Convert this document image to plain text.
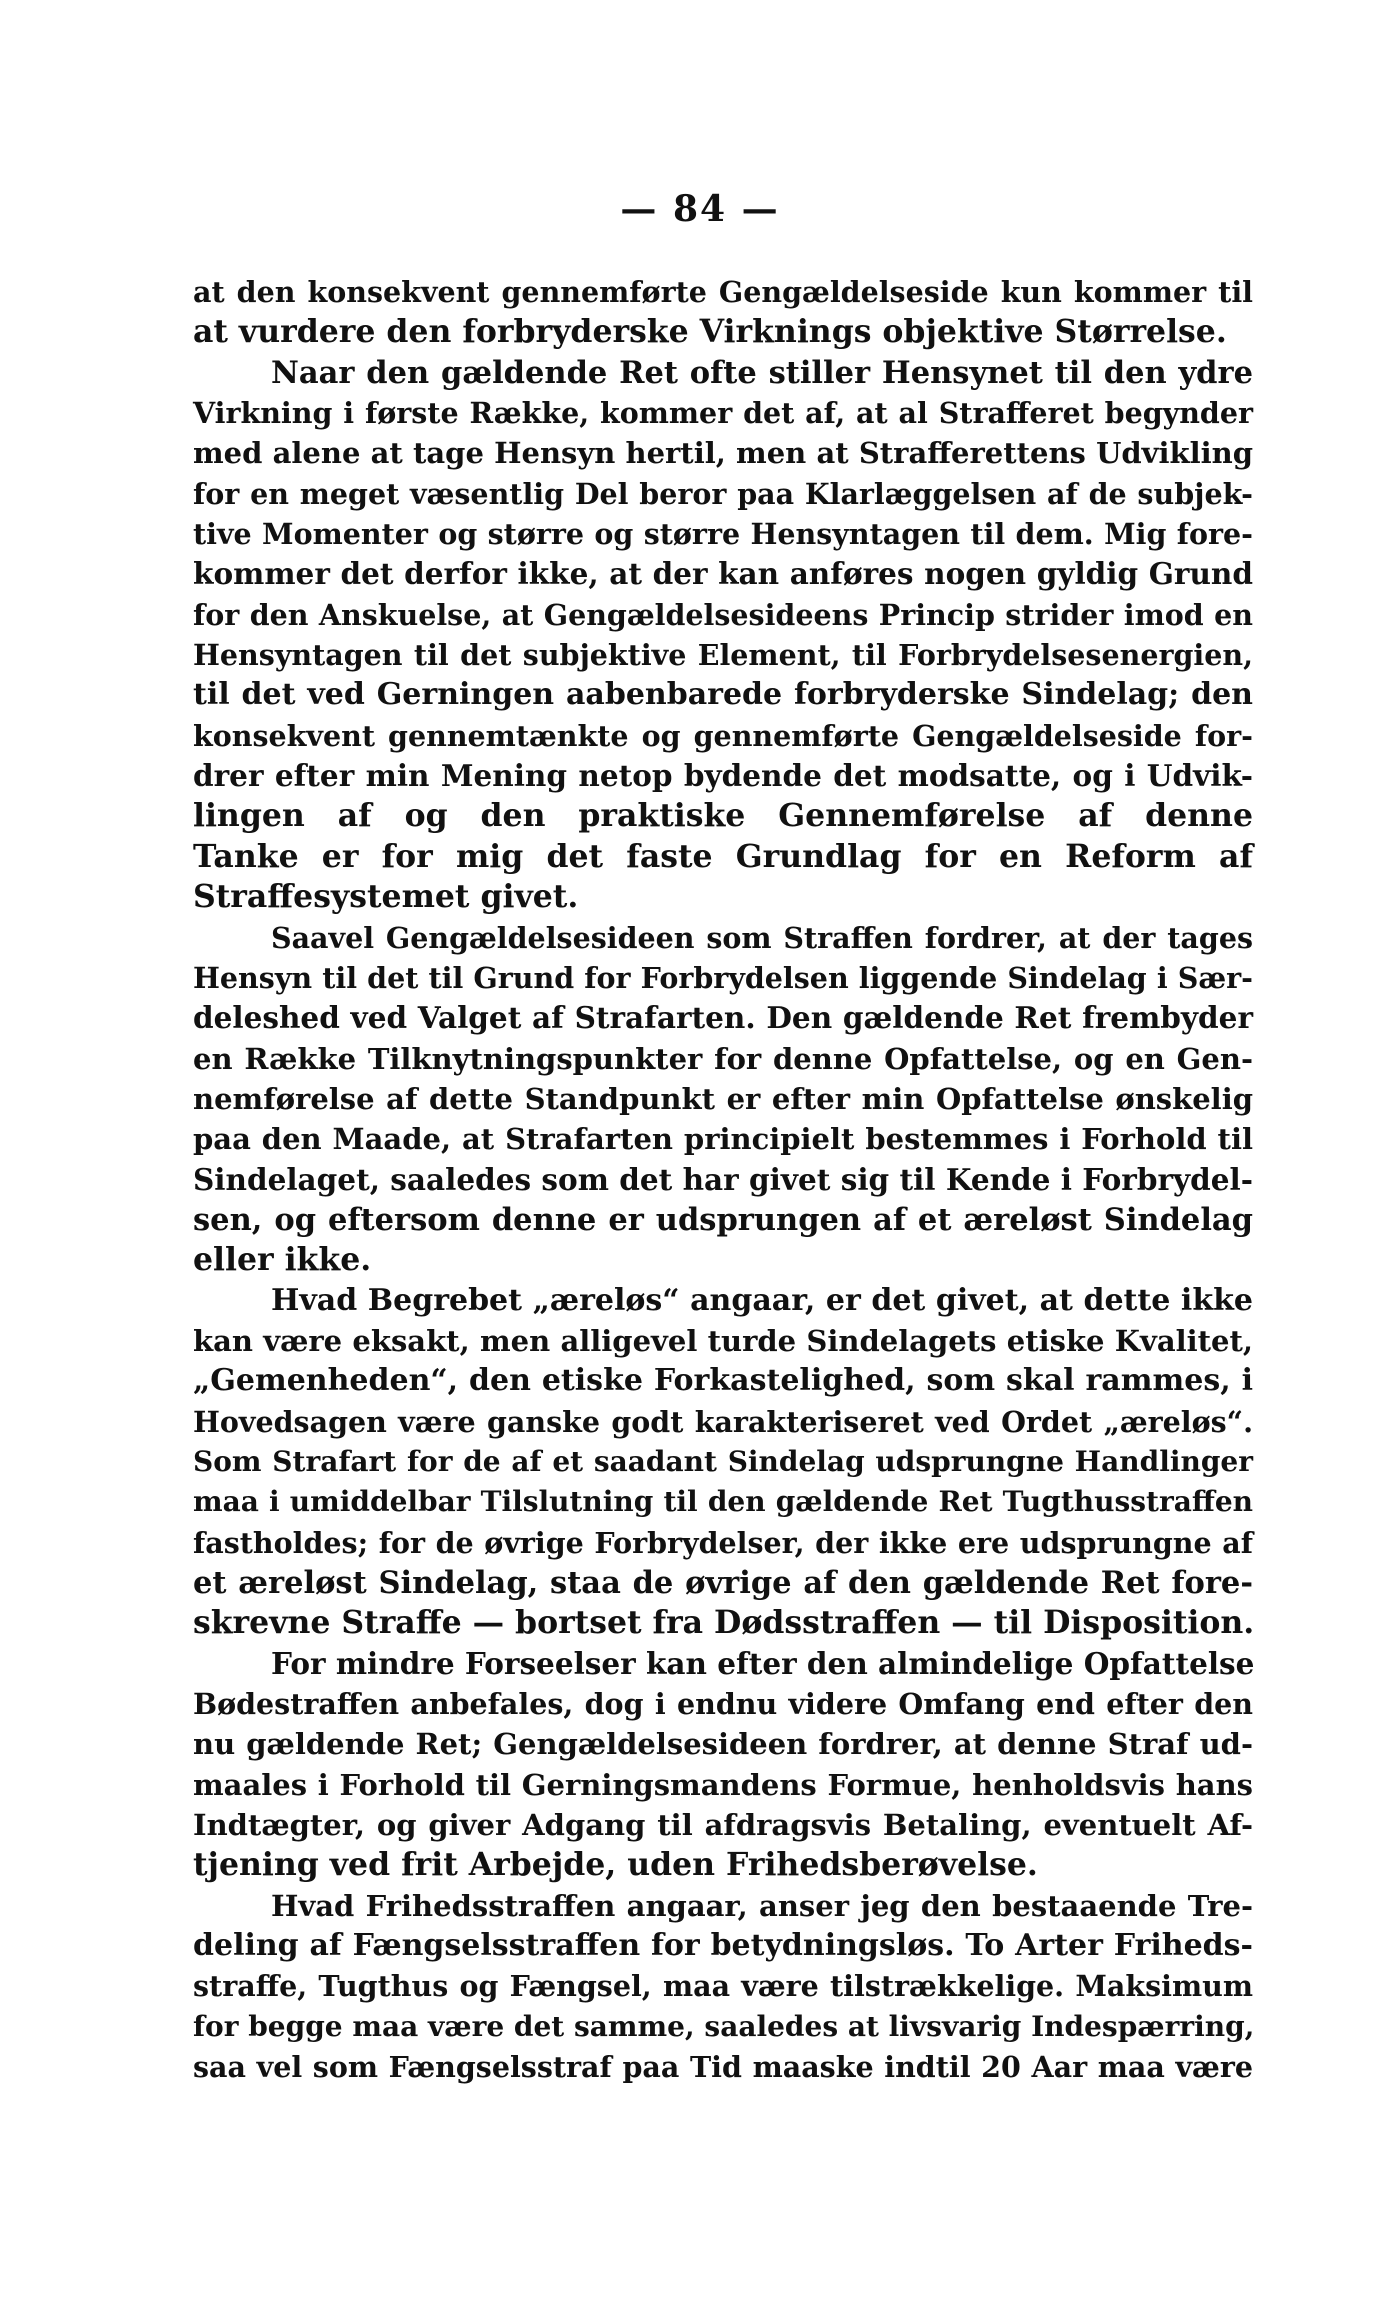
— 84 —
at den konsekvent gennemførte Gengældelseside kun kommer til
at vurdere den forbryderske Virknings objektive Størrelse.
Naar den gældende Ret ofte stiller Hensynet til den ydre
Virkning i første Række, kommer det af, at al Strafferet begynder
med alene at tage Hensyn hertil, men at Strafferettens Udvikling
for en meget væsentlig Del beror paa Klarlæggelsen af de subjek-
tive Momenter og større og større Hensyntagen til dem. Mig fore-
kommer det derfor ikke, at der kan anføres nogen gyldig Grund
for den Anskuelse, at Gengældelsesideens Princip strider imod en
Hensyntagen til det subjektive Element, til Forbrydelsesenergien,
til det ved Gerningen aabenbarede forbryderske Sindelag; den
konsekvent gennemtænkte og gennemførte Gengældelseside for-
drer efter min Mening netop bydende det modsatte, og i Udvik-
lingen af og den praktiske Gennemførelse af denne
Tanke er for mig det faste Grundlag for en Reform af
Straffesystemet givet.
Saavel Gengældelsesideen som Straffen fordrer, at der tages
Hensyn til det til Grund for Forbrydelsen liggende Sindelag i Sær-
deleshed ved Valget af Strafarten. Den gældende Ret frembyder
en Række Tilknytningspunkter for denne Opfattelse, og en Gen-
nemførelse af dette Standpunkt er efter min Opfattelse ønskelig
paa den Maade, at Strafarten principielt bestemmes i Forhold til
Sindelaget, saaledes som det har givet sig til Kende i Forbrydel-
sen, og eftersom denne er udsprungen af et æreløst Sindelag
eller ikke.
Hvad Begrebet „æreløs“ angaar, er det givet, at dette ikke
kan være eksakt, men alligevel turde Sindelagets etiske Kvalitet,
„Gemenheden“, den etiske Forkastelighed, som skal rammes, i
Hovedsagen være ganske godt karakteriseret ved Ordet „æreløs“.
Som Strafart for de af et saadant Sindelag udsprungne Handlinger
maa i umiddelbar Tilslutning til den gældende Ret Tugthusstraffen
fastholdes; for de øvrige Forbrydelser, der ikke ere udsprungne af
et æreløst Sindelag, staa de øvrige af den gældende Ret fore-
skrevne Straffe — bortset fra Dødsstraffen — til Disposition.
For mindre Forseelser kan efter den almindelige Opfattelse
Bødestraffen anbefales, dog i endnu videre Omfang end efter den
nu gældende Ret; Gengældelsesideen fordrer, at denne Straf ud-
maales i Forhold til Gerningsmandens Formue, henholdsvis hans
Indtægter, og giver Adgang til afdragsvis Betaling, eventuelt Af-
tjening ved frit Arbejde, uden Frihedsberøvelse.
Hvad Frihedsstraffen angaar, anser jeg den bestaaende Tre-
deling af Fængselsstraffen for betydningsløs. To Arter Friheds-
straffe, Tugthus og Fængsel, maa være tilstrækkelige. Maksimum
for begge maa være det samme, saaledes at livsvarig Indespærring,
saa vel som Fængselsstraf paa Tid maaske indtil 20 Aar maa være
